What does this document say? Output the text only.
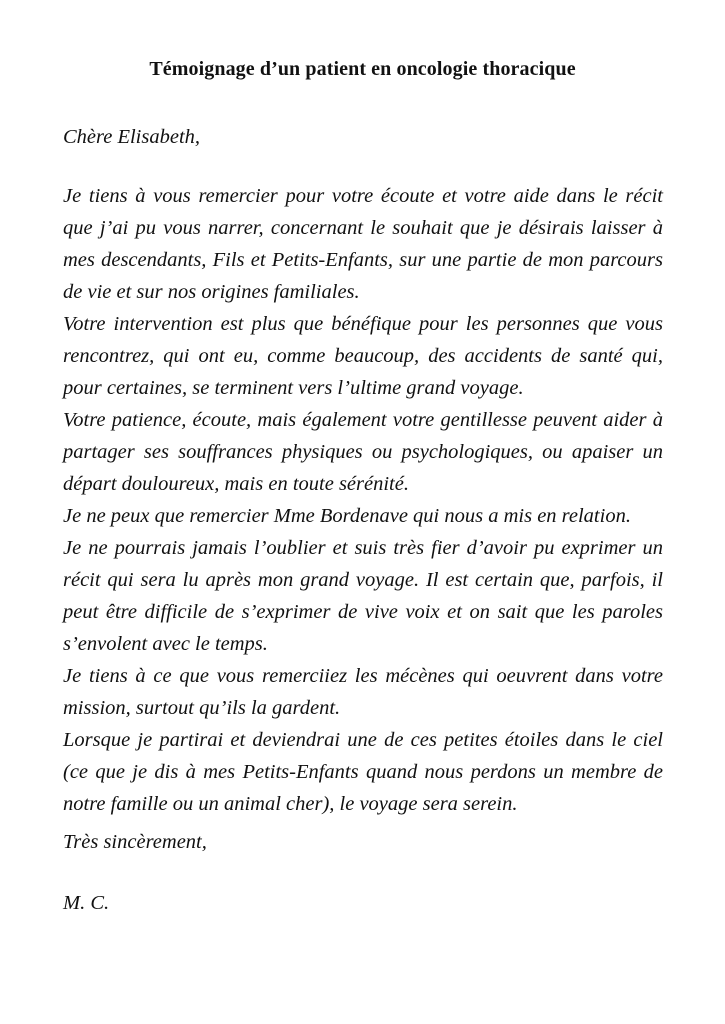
Témoignage d’un patient en oncologie thoracique
Chère Elisabeth,

Je tiens à vous remercier pour votre écoute et votre aide dans le récit que j’ai pu vous narrer, concernant le souhait que je désirais laisser à mes descendants, Fils et Petits-Enfants, sur une partie de mon parcours de vie et sur nos origines familiales.

Votre intervention est plus que bénéfique pour les personnes que vous rencontrez, qui ont eu, comme beaucoup, des accidents de santé qui, pour certaines, se terminent vers l’ultime grand voyage.

Votre patience, écoute, mais également votre gentillesse peuvent aider à partager ses souffrances physiques ou psychologiques, ou apaiser un départ douloureux, mais en toute sérénité.

Je ne peux que remercier Mme Bordenave qui nous a mis en relation.

Je ne pourrais jamais l’oublier et suis très fier d’avoir pu exprimer un récit qui sera lu après mon grand voyage. Il est certain que, parfois, il peut être difficile de s’exprimer de vive voix et on sait que les paroles s’envolent avec le temps.

Je tiens à ce que vous remerciiez les mécènes qui oeuvrent dans votre mission, surtout qu’ils la gardent.

Lorsque je partirai et deviendrai une de ces petites étoiles dans le ciel (ce que je dis à mes Petits-Enfants quand nous perdons un membre de notre famille ou un animal cher), le voyage sera serein.

Très sincèrement,
M. C.
